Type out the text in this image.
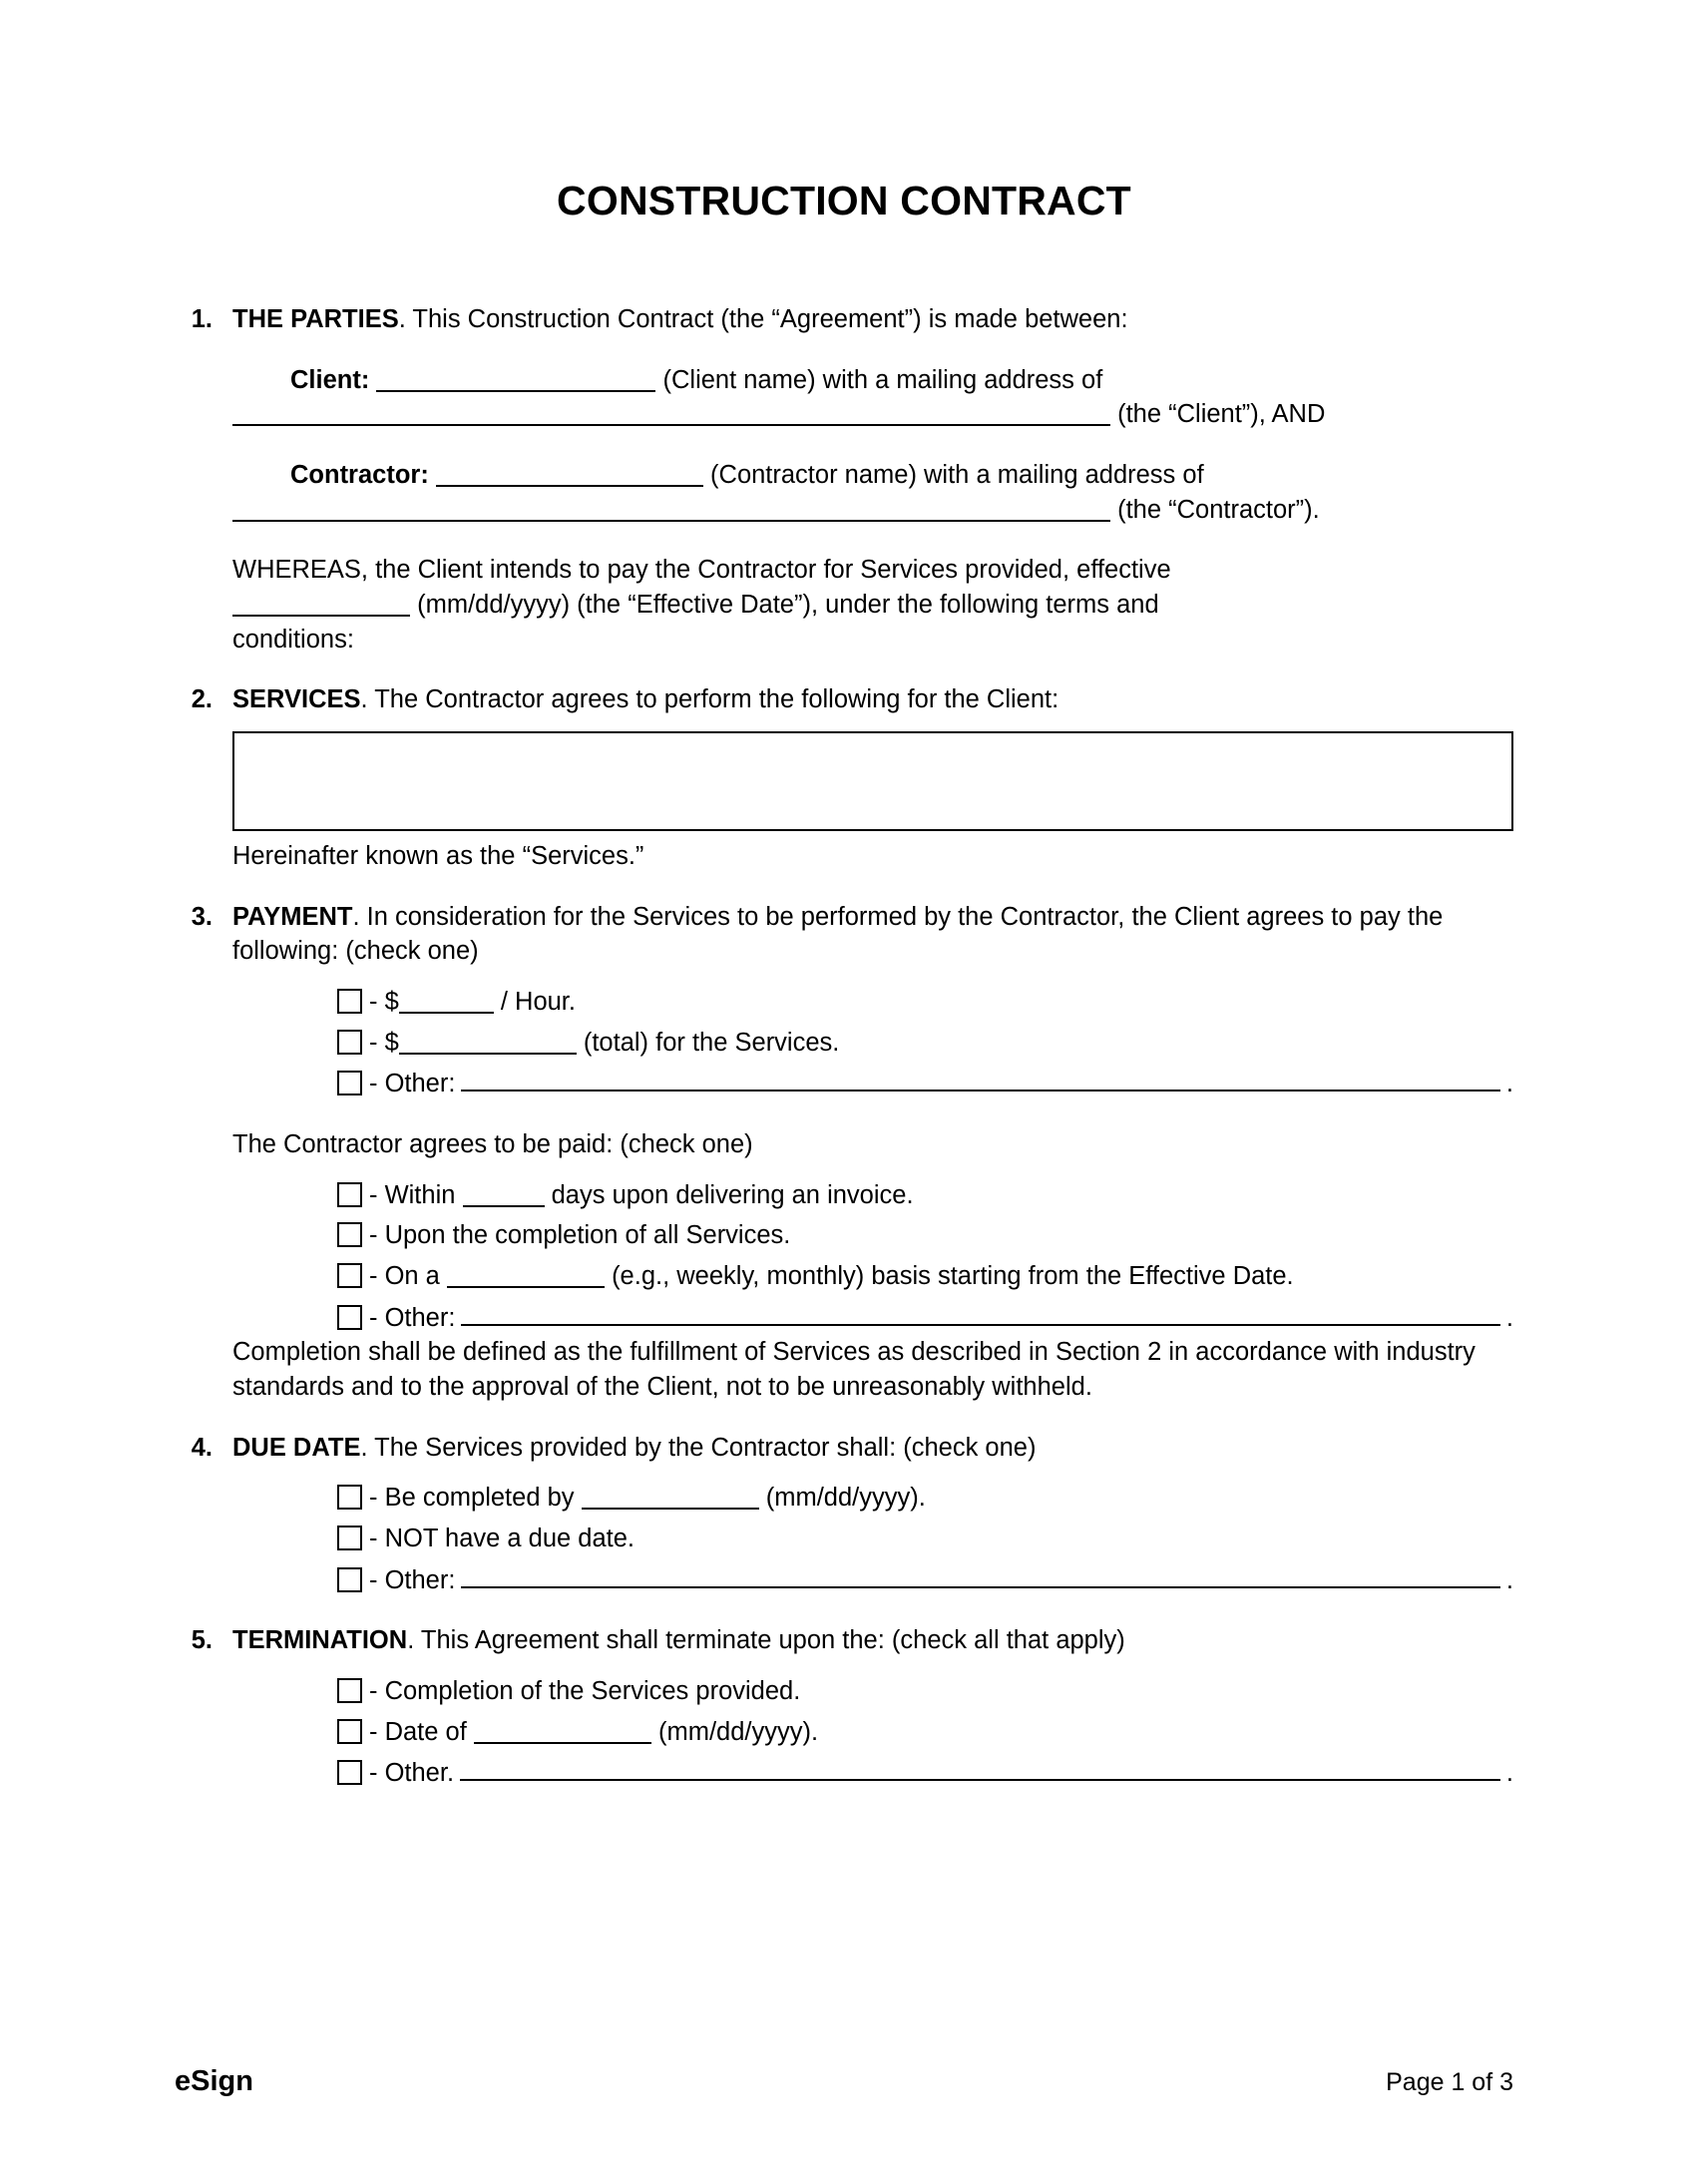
CONSTRUCTION CONTRACT
1. THE PARTIES. This Construction Contract (the “Agreement”) is made between:
Client:	(Client name) with a mailing address of
(the “Client”), AND
Contractor:	(Contractor name) with a mailing address of
(the “Contractor”).
WHEREAS, the Client intends to pay the Contractor for Services provided, effective
(mm/dd/yyyy) (the “Effective Date”), under the following terms and
conditions:
2. SERVICES. The Contractor agrees to perform the following for the Client:
Hereinafter known as the “Services.”
3. PAYMENT. In consideration for the Services to be performed by the Contractor, the Client agrees to pay the following: (check one)
- $	/ Hour.
- $	(total) for the Services.
- Other:	.
The Contractor agrees to be paid: (check one)
- Within	days upon delivering an invoice.
- Upon the completion of all Services.
- On a	(e.g., weekly, monthly) basis starting from the Effective Date.
- Other:	.
Completion shall be defined as the fulfillment of Services as described in Section 2 in accordance with industry standards and to the approval of the Client, not to be unreasonably withheld.
4. DUE DATE. The Services provided by the Contractor shall: (check one)
- Be completed by	(mm/dd/yyyy).
- NOT have a due date.
- Other:	.
5. TERMINATION. This Agreement shall terminate upon the: (check all that apply)
- Completion of the Services provided.
- Date of	(mm/dd/yyyy).
- Other.	.
eSign	Page 1 of 3
